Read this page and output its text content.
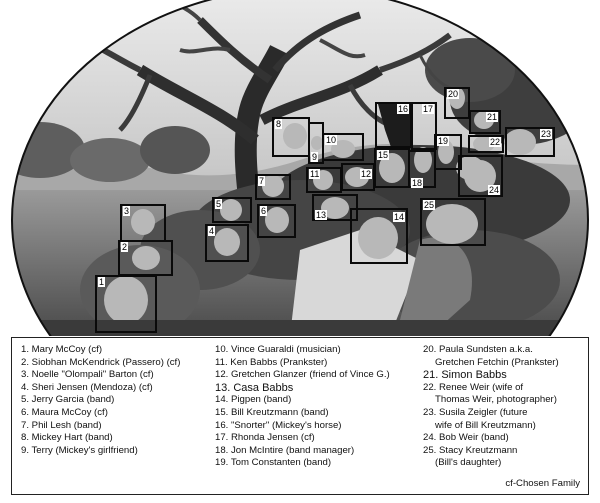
1
2
3
4
5
6
7
8
9
10
11	12
13	14
15
16 17
18
19
20
21
22
23
24
25
1. Mary McCoy (cf)
2. Siobhan McKendrick (Passero) (cf)
3. Noelle "Olompali" Barton (cf)
4. Sheri Jensen (Mendoza) (cf)
5. Jerry Garcia (band)
6. Maura McCoy (cf)
7. Phil Lesh (band)
8. Mickey Hart (band)
9. Terry (Mickey's girlfriend)
10. Vince Guaraldi (musician)
11. Ken Babbs (Prankster)
12. Gretchen Glanzer (friend of Vince G.)
13. Casa Babbs
14. Pigpen (band)
15. Bill Kreutzmann (band)
16. "Snorter" (Mickey's horse)
17. Rhonda Jensen (cf)
18. Jon McIntire (band manager)
19. Tom Constanten (band)
20. Paula Sundsten a.k.a.
Gretchen Fetchin (Prankster)
21. Simon Babbs
22. Renee Weir (wife of
Thomas Weir, photographer)
23. Susila Zeigler (future
wife of Bill Kreutzmann)
24. Bob Weir (band)
25. Stacy Kreutzmann
(Bill's daughter)
cf-Chosen Family
